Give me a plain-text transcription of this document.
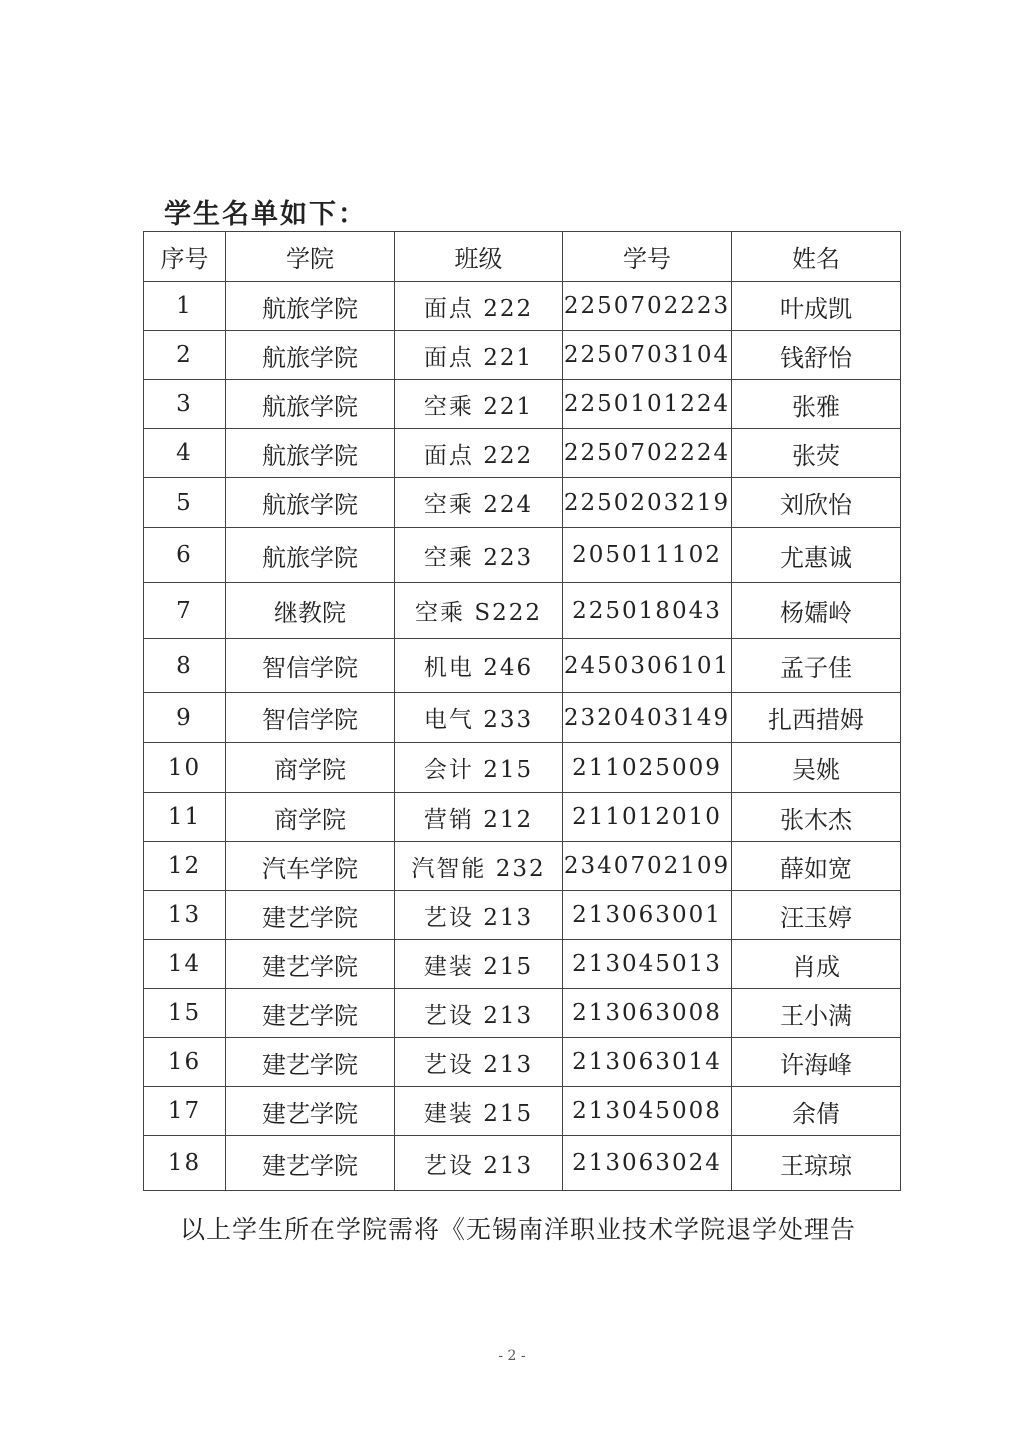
学生名单如下：
序号	学院	班级	学号	姓名
1	航旅学院	面点 222	2250702223	叶成凯
2	航旅学院	面点 221	2250703104	钱舒怡
3	航旅学院	空乘 221	2250101224	张雅
4	航旅学院	面点 222	2250702224	张荧
5	航旅学院	空乘 224	2250203219	刘欣怡
6	航旅学院	空乘 223	205011102	尤惠诚
7	继教院	空乘 S222	225018043	杨嬬岭
8	智信学院	机电 246	2450306101	孟子佳
9	智信学院	电气 233	2320403149	扎西措姆
10	商学院	会计 215	211025009	吴姚
11	商学院	营销 212	211012010	张木杰
12	汽车学院	汽智能 232	2340702109	薛如宽
13	建艺学院	艺设 213	213063001	汪玉婷
14	建艺学院	建装 215	213045013	肖成
15	建艺学院	艺设 213	213063008	王小满
16	建艺学院	艺设 213	213063014	许海峰
17	建艺学院	建装 215	213045008	余倩
18	建艺学院	艺设 213	213063024	王琼琼
以上学生所在学院需将《无锡南洋职业技术学院退学处理告
- 2 -
